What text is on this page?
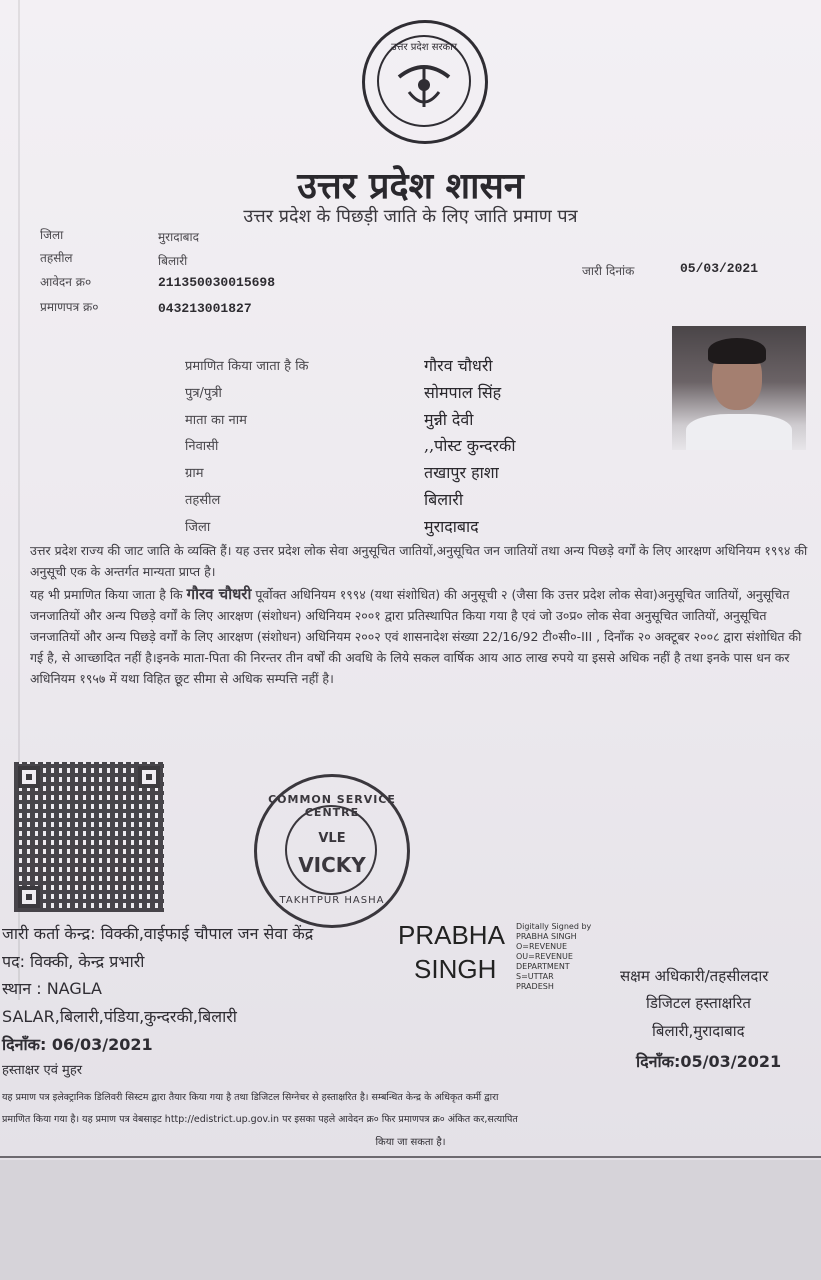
उत्तर प्रदेश सरकार
उत्तर प्रदेश शासन
उत्तर प्रदेश के पिछड़ी जाति के लिए जाति प्रमाण पत्र
जिला	मुरादाबाद
तहसील	बिलारी
आवेदन क्र०	211350030015698
प्रमाणपत्र क्र०	043213001827
जारी दिनांक	05/03/2021
प्रमाणित किया जाता है कि	गौरव चौधरी
पुत्र/पुत्री	सोमपाल सिंह
माता का नाम	मुन्नी देवी
निवासी	,,पोस्ट कुन्दरकी
ग्राम	तखापुर हाशा
तहसील	बिलारी
जिला	मुरादाबाद
उत्तर प्रदेश राज्य की जाट जाति के व्यक्ति हैं। यह उत्तर प्रदेश लोक सेवा अनुसूचित जातियों,अनुसूचित जन जातियों तथा अन्य पिछड़े वर्गों के लिए आरक्षण अधिनियम १९९४ की अनुसूची एक के अन्तर्गत मान्यता प्राप्त है।
यह भी प्रमाणित किया जाता है कि गौरव चौधरी पूर्वोक्त अधिनियम १९९४ (यथा संशोधित) की अनुसूची २ (जैसा कि उत्तर प्रदेश लोक सेवा)अनुसूचित जातियों, अनुसूचित जनजातियों और अन्य पिछड़े वर्गों के लिए आरक्षण (संशोधन) अधिनियम २००१ द्वारा प्रतिस्थापित किया गया है एवं जो उ०प्र० लोक सेवा अनुसूचित जातियों, अनुसूचित जनजातियों और अन्य पिछड़े वर्गों के लिए आरक्षण (संशोधन) अधिनियम २००२ एवं शासनादेश संख्या 22/16/92 टी०सी०-III , दिनाँक २० अक्टूबर २००८ द्वारा संशोधित की गई है, से आच्छादित नहीं है।इनके माता-पिता की निरन्तर तीन वर्षों की अवधि के लिये सकल वार्षिक आय आठ लाख रुपये या इससे अधिक नहीं है तथा इनके पास धन कर अधिनियम १९५७ में यथा विहित छूट सीमा से अधिक सम्पत्ति नहीं है।
COMMON SERVICE CENTRE
VLE
VICKY
TAKHTPUR HASHA
जारी कर्ता केन्द्र: विक्की,वाईफाई चौपाल जन सेवा केंद्र
पद: विक्की, केन्द्र प्रभारी
स्थान : NAGLA
SALAR,बिलारी,पंडिया,कुन्दरकी,बिलारी
दिनाँक: 06/03/2021
हस्ताक्षर एवं मुहर
PRABHA
SINGH
Digitally Signed by
PRABHA SINGH
O=REVENUE
OU=REVENUE
DEPARTMENT
S=UTTAR
PRADESH
सक्षम अधिकारी/तहसीलदार
डिजिटल हस्ताक्षरित
बिलारी,मुरादाबाद
दिनाँक:05/03/2021
यह प्रमाण पत्र इलेक्ट्रानिक डिलिवरी सिस्टम द्वारा तैयार किया गया है तथा डिजिटल सिग्नेचर से हस्ताक्षरित है। सम्बन्धित केन्द्र के अधिकृत कर्मी द्वारा
प्रमाणित किया गया है। यह प्रमाण पत्र वेबसाइट http://edistrict.up.gov.in पर इसका पहले आवेदन क्र० फिर प्रमाणपत्र क्र० अंकित कर,सत्यापित
किया जा सकता है।
